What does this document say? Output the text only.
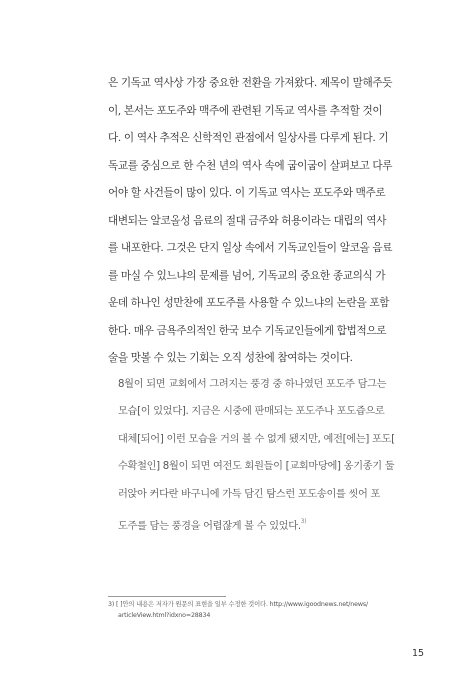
은 기독교 역사상 가장 중요한 전환을 가져왔다. 제목이 말해주듯
이, 본서는 포도주와 맥주에 관련된 기독교 역사를 추적할 것이
다. 이 역사 추적은 신학적인 관점에서 일상사를 다루게 된다. 기
독교를 중심으로 한 수천 년의 역사 속에 굽이굽이 살펴보고 다루
어야 할 사건들이 많이 있다. 이 기독교 역사는 포도주와 맥주로
대변되는 알코올성 음료의 절대 금주와 허용이라는 대립의 역사
를 내포한다. 그것은 단지 일상 속에서 기독교인들이 알코올 음료
를 마실 수 있느냐의 문제를 넘어, 기독교의 중요한 종교의식 가
운데 하나인 성만찬에 포도주를 사용할 수 있느냐의 논란을 포함
한다. 매우 금욕주의적인 한국 보수 기독교인들에게 합법적으로
술을 맛볼 수 있는 기회는 오직 성찬에 참여하는 것이다.
8월이 되면 교회에서 그려지는 풍경 중 하나였던 포도주 담그는
모습[이 있었다]. 지금은 시중에 판매되는 포도주나 포도즙으로
대체[되어] 이런 모습을 거의 볼 수 없게 됐지만, 예전[에는] 포도[
수확철인] 8월이 되면 여전도 회원들이 [교회마당에] 옹기종기 둘
러앉아 커다란 바구니에 가득 담긴 탐스런 포도송이를 씻어 포
도주를 담는 풍경을 어렵잖게 볼 수 있었다.$^{3)}$
3) [ ]안의 내용은 저자가 원문의 표현을 일부 수정한 것이다. http://www.igoodnews.net/news/
articleView.html?idxno=28834
15
